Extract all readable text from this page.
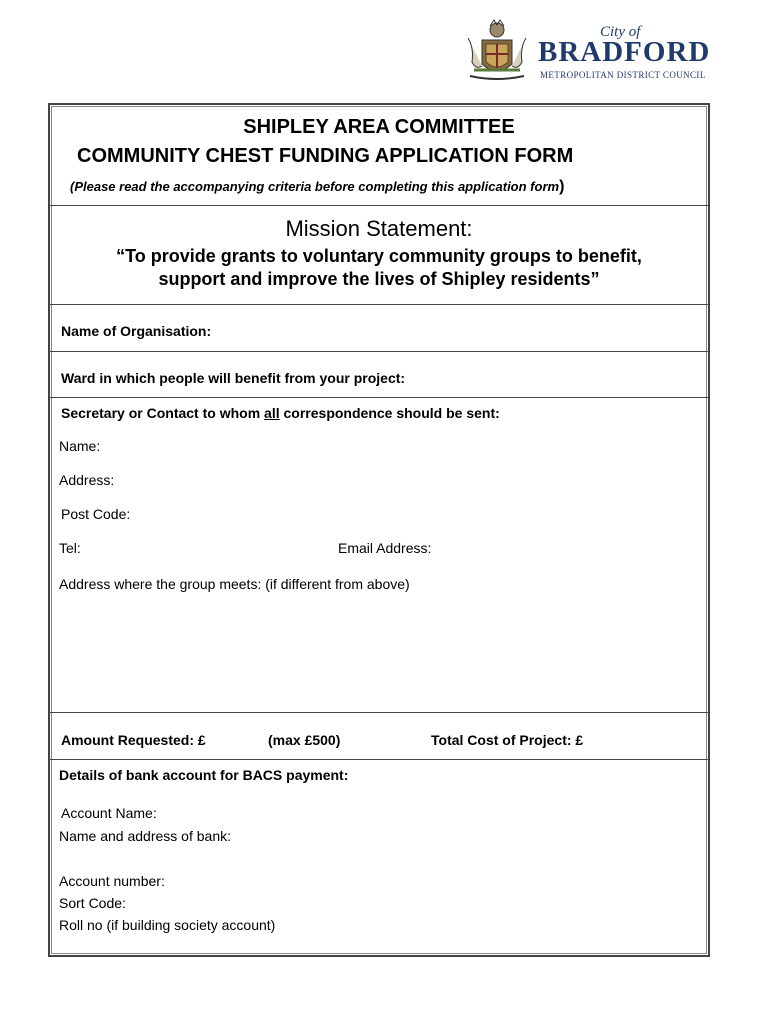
City of
BRADFORD
METROPOLITAN DISTRICT COUNCIL
SHIPLEY AREA COMMITTEE
COMMUNITY CHEST FUNDING APPLICATION FORM
(Please read the accompanying criteria before completing this application form)
Mission Statement:
“To provide grants to voluntary community groups to benefit,
support and improve the lives of Shipley residents”
Name of Organisation:
Ward in which people will benefit from your project:
Secretary or Contact to whom all correspondence should be sent:
Name:
Address:
Post Code:
Tel:	Email Address:
Address where the group meets: (if different from above)
Amount Requested: £	(max £500)	Total Cost of Project: £
Details of bank account for BACS payment:
Account Name:
Name and address of bank:
Account number:
Sort Code:
Roll no (if building society account)
